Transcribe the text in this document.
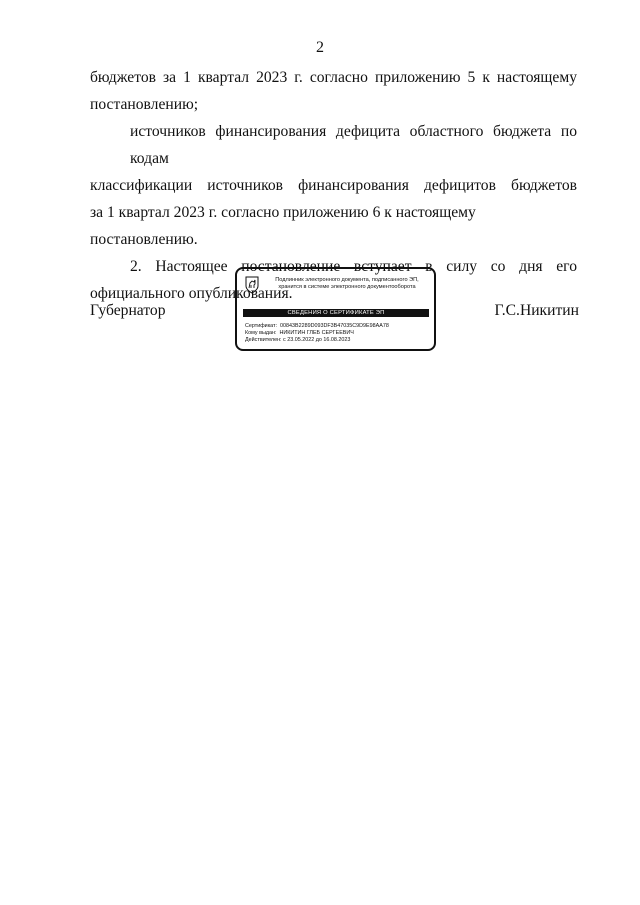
2

бюджетов за 1 квартал 2023 г. согласно приложению 5 к настоящему
постановлению;

источников финансирования дефицита областного бюджета по кодам
классификации источников финансирования дефицитов бюджетов
за 1 квартал 2023 г. согласно приложению 6 к настоящему постановлению.

2. Настоящее постановление вступает в силу со дня его
официального опубликования.

Губернатор
Подлинник электронного документа, подписанного ЭП,
хранится в системе электронного документооборота
СВЕДЕНИЯ О СЕРТИФИКАТЕ ЭП
Сертификат: 00843B2289D093DF3B47035C9D9E98AA78
Кому выдан: НИКИТИН ГЛЕБ СЕРГЕЕВИЧ
Действителен: с 23.05.2022 до 16.08.2023
Г.С.Никитин
